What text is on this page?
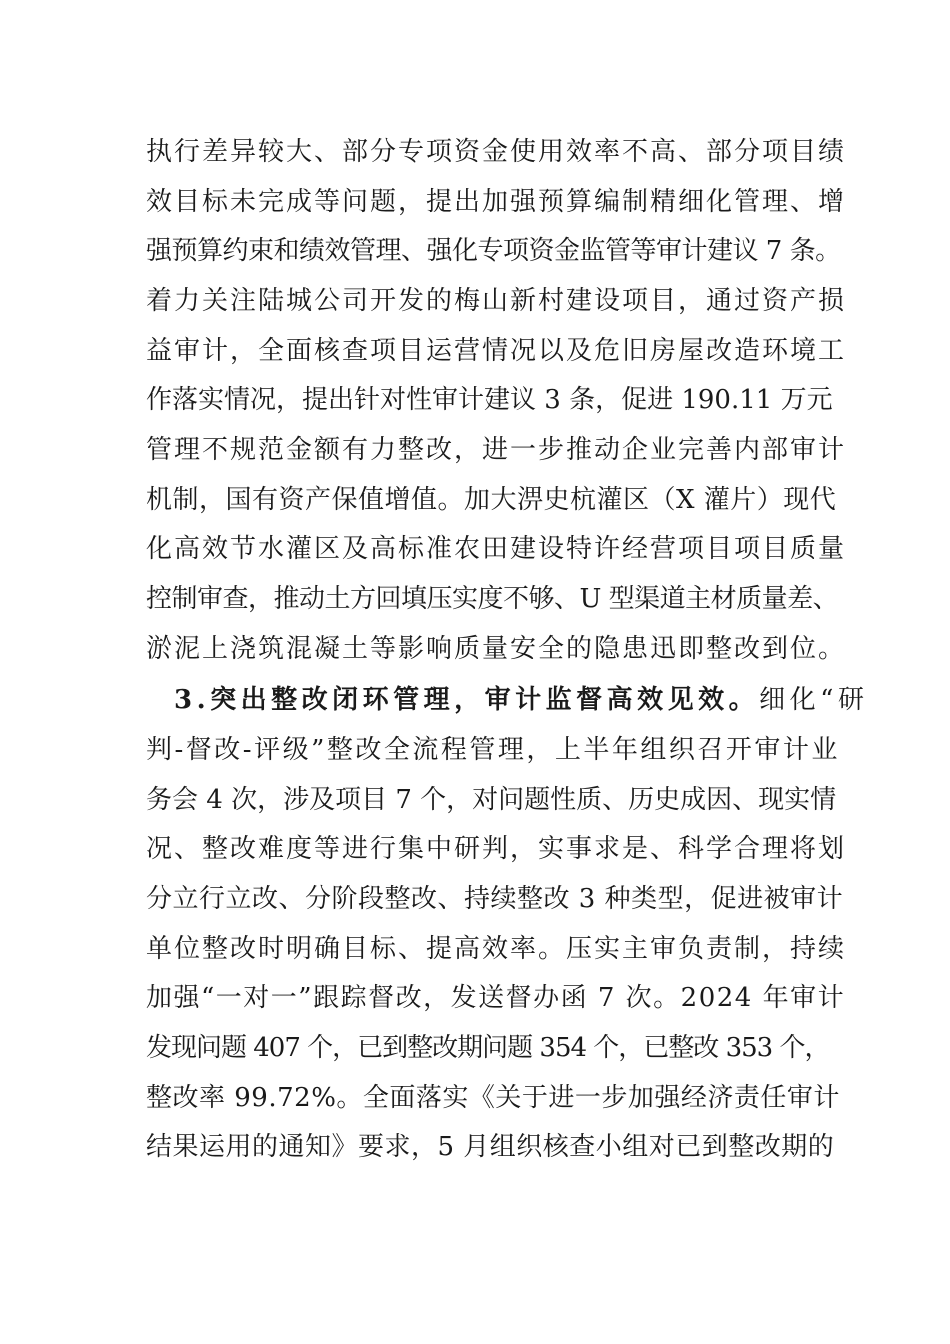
执行差异较大、部分专项资金使用效率不高、部分项目绩
效目标未完成等问题，提出加强预算编制精细化管理、增
强预算约束和绩效管理、强化专项资金监管等审计建议 7 条。
着力关注陆城公司开发的梅山新村建设项目，通过资产损
益审计，全面核查项目运营情况以及危旧房屋改造环境工
作落实情况，提出针对性审计建议 3 条，促进 190.11 万元
管理不规范金额有力整改，进一步推动企业完善内部审计
机制，国有资产保值增值。加大淠史杭灌区（X 灌片）现代
化高效节水灌区及高标准农田建设特许经营项目项目质量
控制审查，推动土方回填压实度不够、U 型渠道主材质量差、
淤泥上浇筑混凝土等影响质量安全的隐患迅即整改到位。
3.突出整改闭环管理，审计监督高效见效。细化“研
判-督改-评级”整改全流程管理，上半年组织召开审计业
务会 4 次，涉及项目 7 个，对问题性质、历史成因、现实情
况、整改难度等进行集中研判，实事求是、科学合理将划
分立行立改、分阶段整改、持续整改 3 种类型，促进被审计
单位整改时明确目标、提高效率。压实主审负责制，持续
加强“一对一”跟踪督改，发送督办函 7 次。2024 年审计
发现问题 407 个，已到整改期问题 354 个，已整改 353 个，
整改率 99.72%。全面落实《关于进一步加强经济责任审计
结果运用的通知》要求，5 月组织核查小组对已到整改期的
